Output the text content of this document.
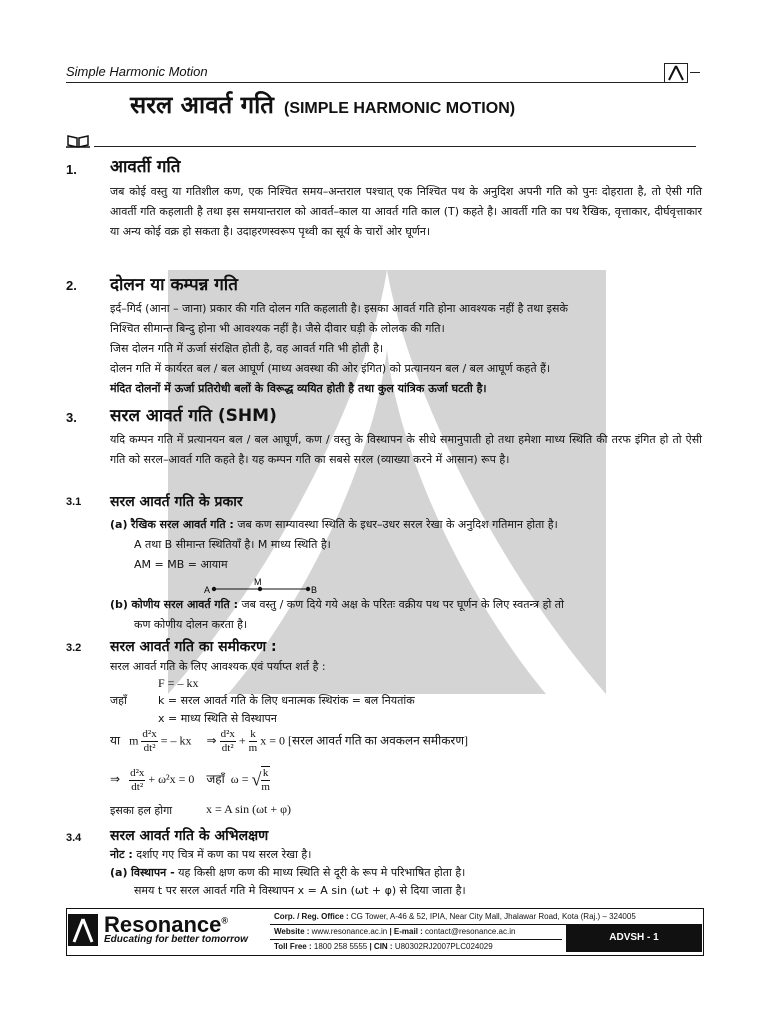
Simple Harmonic Motion
सरल आवर्त गति (SIMPLE HARMONIC MOTION)
1. आवर्ती गति
जब कोई वस्तु या गतिशील कण, एक निश्चित समय–अन्तराल पश्चात् एक निश्चित पथ के अनुदिश अपनी गति को पुनः दोहराता है, तो ऐसी गति आवर्ती गति कहलाती है तथा इस समयान्तराल को आवर्त–काल या आवर्त गति काल (T) कहते है। आवर्ती गति का पथ रैखिक, वृत्ताकार, दीर्घवृत्ताकार या अन्य कोई वक्र हो सकता है। उदाहरणस्वरूप पृथ्वी का सूर्य के चारों ओर घूर्णन।
2. दोलन या कम्पन्न गति
इर्द–गिर्द (आना – जाना) प्रकार की गति दोलन गति कहलाती है। इसका आवर्त गति होना आवश्यक नहीं है तथा इसके
निश्चित सीमान्त बिन्दु होना भी आवश्यक नहीं है। जैसे दीवार घड़ी के लोलक की गति।
जिस दोलन गति में ऊर्जा संरक्षित होती है, वह आवर्त गति भी होती है।
दोलन गति में कार्यरत बल / बल आघूर्ण (माध्य अवस्था की ओर इंगित) को प्रत्यानयन बल / बल आघूर्ण कहते हैं।
मंदित दोलनों में ऊर्जा प्रतिरोधी बलों के विरूद्ध व्ययित होती है तथा कुल यांत्रिक ऊर्जा घटती है।
3. सरल आवर्त गति (SHM)
यदि कम्पन गति में प्रत्यानयन बल / बल आघूर्ण, कण / वस्तु के विस्थापन के सीधे समानुपाती हो तथा हमेशा माध्य स्थिति की तरफ इंगित हो तो ऐसी गति को सरल–आवर्त गति कहते है। यह कम्पन गति का सबसे सरल (व्याख्या करने में आसान) रूप है।
3.1 सरल आवर्त गति के प्रकार
(a) रैखिक सरल आवर्त गति : जब कण साम्यावस्था स्थिति के इधर–उधर सरल रेखा के अनुदिश गतिमान होता है।
A तथा B सीमान्त स्थितियाँ है। M माध्य स्थिति है।
AM = MB = आयाम
A
M
B
(b) कोणीय सरल आवर्त गति : जब वस्तु / कण दिये गये अक्ष के परितः वक्रीय पथ पर घूर्णन के लिए स्वतन्त्र हो तो
कण कोणीय दोलन करता है।
3.2 सरल आवर्त गति का समीकरण :
सरल आवर्त गति के लिए आवश्यक एवं पर्याप्त शर्त है :
F = – kx
जहाँ	k = सरल आवर्त गति के लिए धनात्मक स्थिरांक = बल नियतांक
x = माध्य स्थिति से विस्थापन
या m $\frac{\text{d²x}}{\text{dt²}}$ = – kx ⇒ $\frac{\text{d²x}}{\text{dt²}} + \frac{k}{m}$ x = 0 [सरल आवर्त गति का अवकलन समीकरण]
⇒ $\frac{\text{d²x}}{\text{dt²}} + \omega^2x = 0$ जहाँ ω = √ $\frac{k}{m}$
इसका हल होगा	x = A sin (ωt + φ)
3.4 सरल आवर्त गति के अभिलक्षण
नोट : दर्शाए गए चित्र में कण का पथ सरल रेखा है।
(a) विस्थापन - यह किसी क्षण कण की माध्य स्थिति से दूरी के रूप मे परिभाषित होता है।
समय t पर सरल आवर्त गति मे विस्थापन x = A sin (ωt + φ) से दिया जाता है।
Resonance®
Educating for better tomorrow
Corp. / Reg. Office : CG Tower, A-46 & 52, IPIA, Near City Mall, Jhalawar Road, Kota (Raj.) – 324005
Website : www.resonance.ac.in | E-mail : contact@resonance.ac.in
Toll Free : 1800 258 5555 | CIN : U80302RJ2007PLC024029
ADVSH - 1
